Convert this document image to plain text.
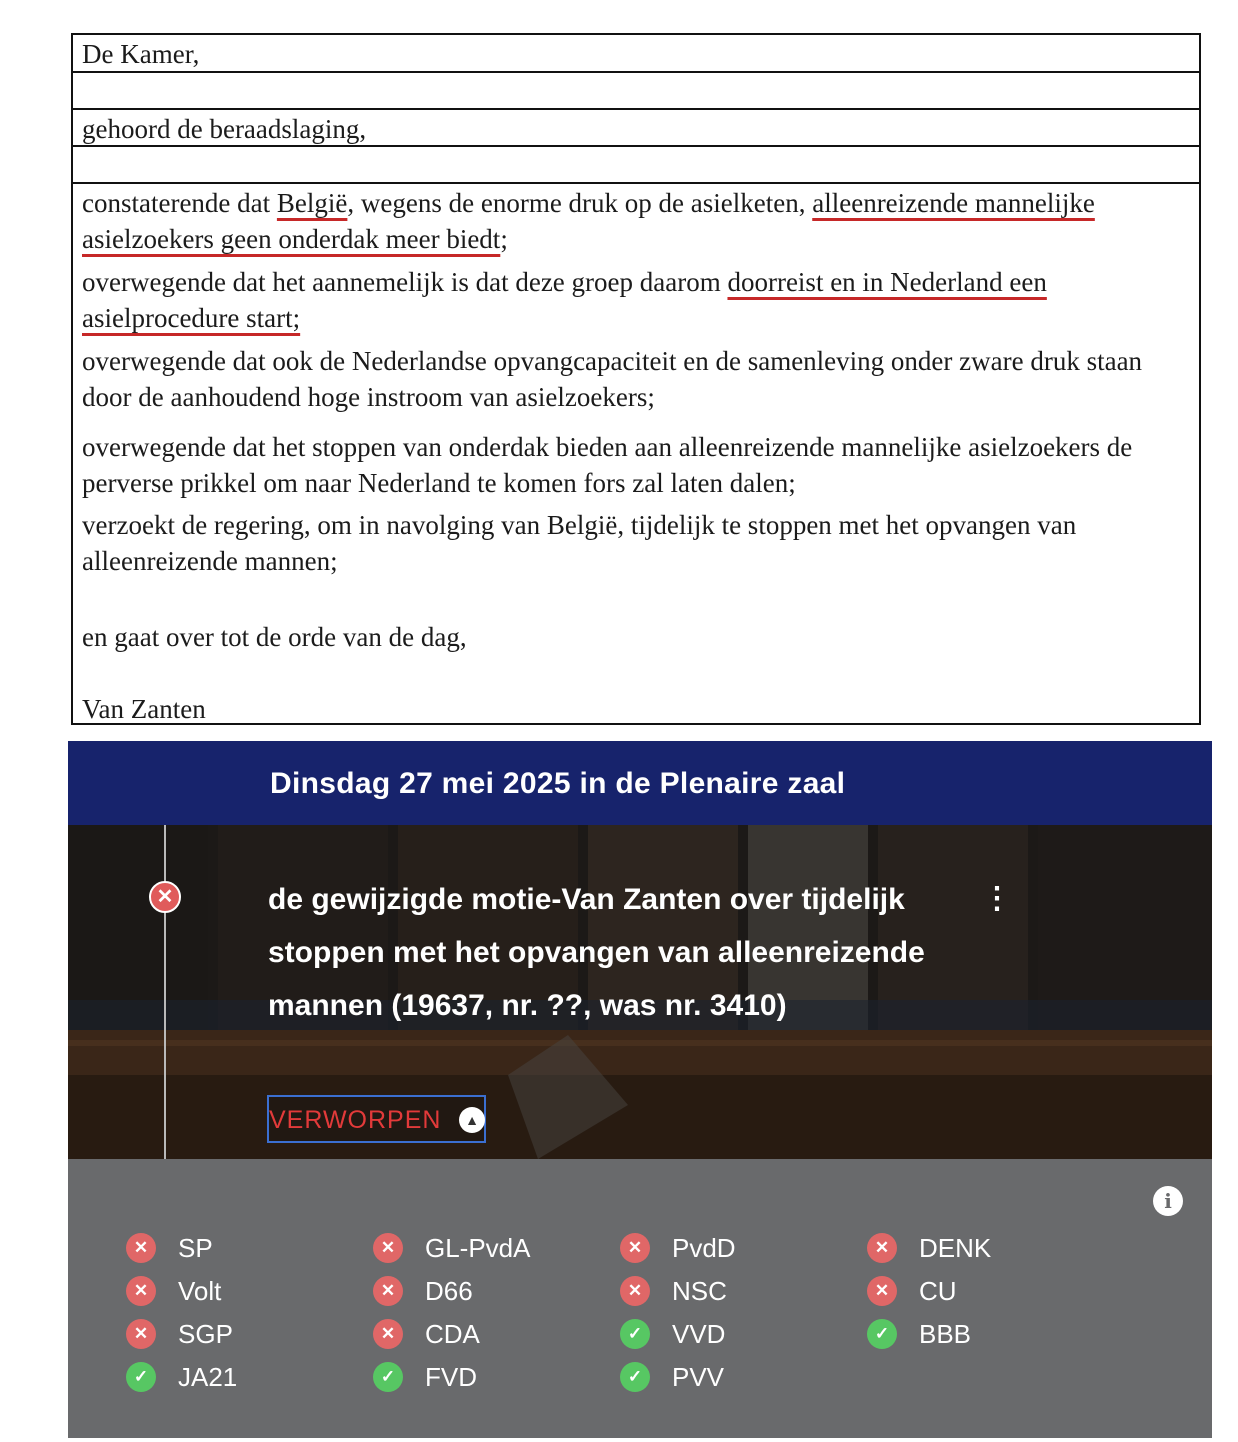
De Kamer,
gehoord de beraadslaging,

constaterende dat België, wegens de enorme druk op de asielketen, alleenreizende mannelijke asielzoekers geen onderdak meer biedt;

overwegende dat het aannemelijk is dat deze groep daarom doorreist en in Nederland een asielprocedure start;

overwegende dat ook de Nederlandse opvangcapaciteit en de samenleving onder zware druk staan door de aanhoudend hoge instroom van asielzoekers;

overwegende dat het stoppen van onderdak bieden aan alleenreizende mannelijke asielzoekers de perverse prikkel om naar Nederland te komen fors zal laten dalen;

verzoekt de regering, om in navolging van België, tijdelijk te stoppen met het opvangen van alleenreizende mannen;

en gaat over tot de orde van de dag,
Van Zanten
Dinsdag 27 mei 2025 in de Plenaire zaal
✕	de gewijzigde motie-Van Zanten over tijdelijk stoppen met het opvangen van alleenreizende mannen (19637, nr. ??, was nr. 3410)
⋮
VERWORPEN	▲
i
✕	SP	✕	GL-PvdA	✕	PvdD	✕	DENK
✕	Volt	✕	D66	✕	NSC	✕	CU
✕	SGP	✕	CDA	✓	VVD	✓	BBB
✓	JA21	✓	FVD	✓	PVV
